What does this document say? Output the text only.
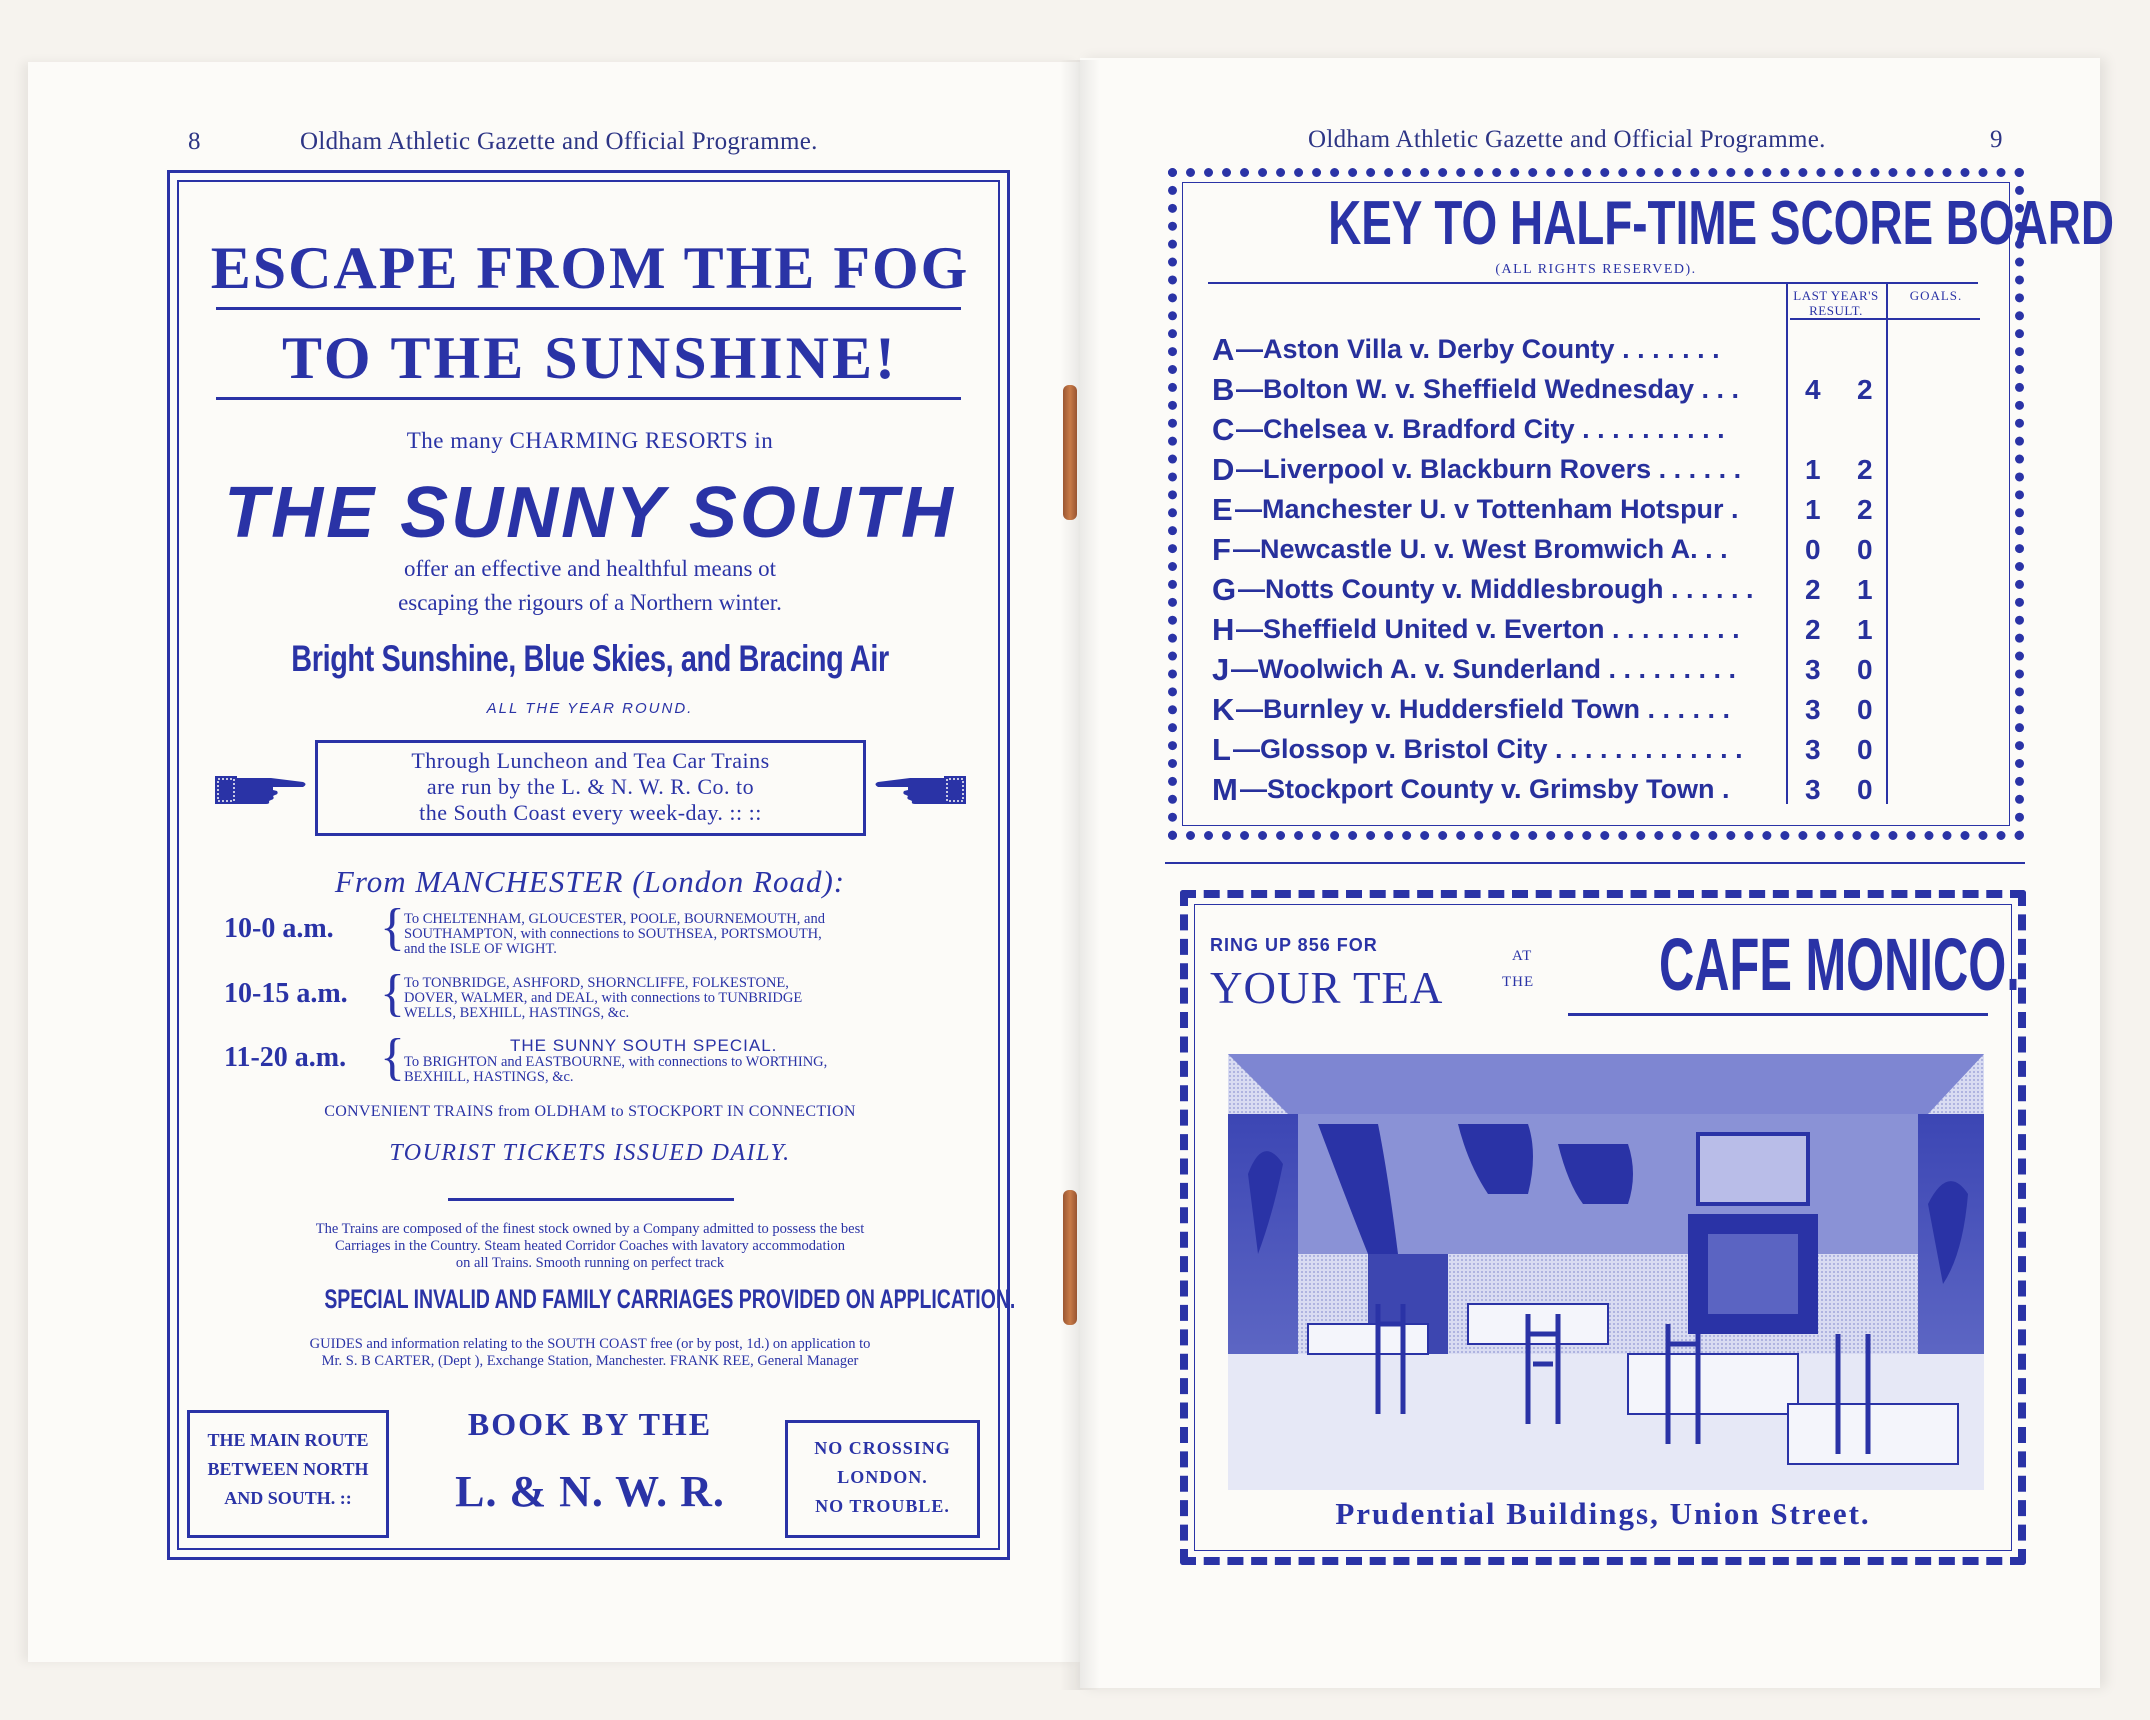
8	Oldham Athletic Gazette and Official Programme.	Oldham Athletic Gazette and Official Programme.	9
ESCAPE FROM THE FOG
TO THE SUNSHINE!
The many CHARMING RESORTS in
THE SUNNY SOUTH
offer an effective and healthful means ot
escaping the rigours of a Northern winter.
Bright Sunshine, Blue Skies, and Bracing Air
ALL THE YEAR ROUND.
Through Luncheon and Tea Car Trains
are run by the L. & N. W. R. Co. to
the South Coast every week-day. :: ::
From MANCHESTER (London Road):
10-0 a.m. { To CHELTENHAM, GLOUCESTER, POOLE, BOURNEMOUTH, and
SOUTHAMPTON, with connections to SOUTHSEA, PORTSMOUTH,
and the ISLE OF WIGHT.
10-15 a.m. { To TONBRIDGE, ASHFORD, SHORNCLIFFE, FOLKESTONE,
DOVER, WALMER, and DEAL, with connections to TUNBRIDGE
WELLS, BEXHILL, HASTINGS, &c.
11-20 a.m. {	THE SUNNY SOUTH SPECIAL.
To BRIGHTON and EASTBOURNE, with connections to WORTHING,
BEXHILL, HASTINGS, &c.
CONVENIENT TRAINS from OLDHAM to STOCKPORT IN CONNECTION
TOURIST TICKETS ISSUED DAILY.
The Trains are composed of the finest stock owned by a Company admitted to possess the best
Carriages in the Country. Steam heated Corridor Coaches with lavatory accommodation
on all Trains. Smooth running on perfect track
SPECIAL INVALID AND FAMILY CARRIAGES PROVIDED ON APPLICATION.
GUIDES and information relating to the SOUTH COAST free (or by post, 1d.) on application to
Mr. S. B CARTER, (Dept ), Exchange Station, Manchester. FRANK REE, General Manager
THE MAIN ROUTE
BETWEEN NORTH
AND SOUTH. ::
BOOK BY THE
L. & N. W. R.
NO CROSSING
LONDON.
NO TROUBLE.
KEY TO HALF-TIME SCORE BOARD
(ALL RIGHTS RESERVED).
LAST YEAR'S
RESULT.
GOALS.
A —Aston Villa v. Derby County . . . . . . .
B —Bolton W. v. Sheffield Wednesday . . . 4 2
C —Chelsea v. Bradford City . . . . . . . . . .
D —Liverpool v. Blackburn Rovers . . . . . . 1 2
E —Manchester U. v Tottenham Hotspur . 1 2
F —Newcastle U. v. West Bromwich A. . .	0 0
G —Notts County v. Middlesbrough . . . . . . 2 1
H —Sheffield United v. Everton . . . . . . . . . 2 1
J —Woolwich A. v. Sunderland . . . . . . . . . 3 0
K —Burnley v. Huddersfield Town . . . . . .	3 0
L —Glossop v. Bristol City . . . . . . . . . . . . . 3 0
M —Stockport County v. Grimsby Town .	3 0
RING UP 856 FOR
YOUR TEA
AT
THE	CAFE MONICO.
Prudential Buildings, Union Street.
